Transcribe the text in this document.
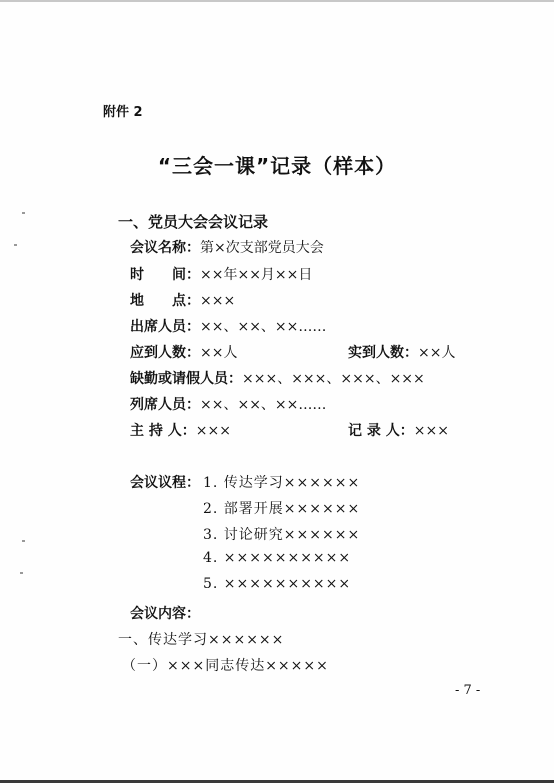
附件 2
“三会一课”记录（样本）
一、党员大会会议记录
会议名称：第×次支部党员大会
时　　间：××年××月××日
地　　点：×××
出席人员：××、××、××……
应到人数：××人	实到人数：××人
缺勤或请假人员：×××、×××、×××、×××
列席人员：××、××、××……
主 持 人：×××	记 录 人：×××
会议议程： 1. 传达学习××××××
2. 部署开展××××××
3. 讨论研究××××××
4. ××××××××××
5. ××××××××××
会议内容：
一、传达学习××××××
（一）×××同志传达×××××
- 7 -
